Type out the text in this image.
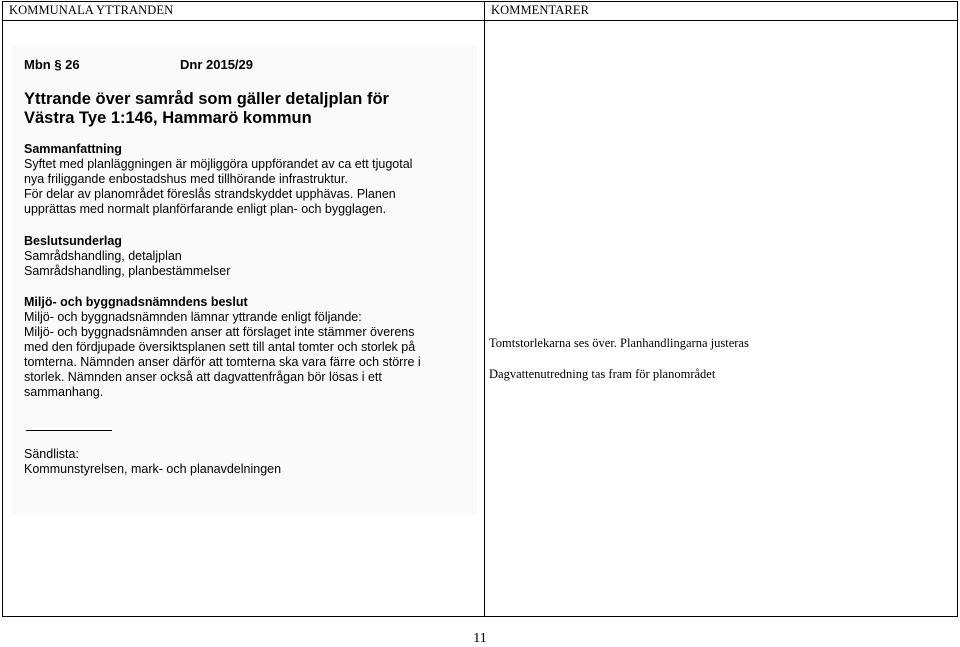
KOMMUNALA YTTRANDEN	KOMMENTARER
Mbn § 26	Dnr 2015/29
Yttrande över samråd som gäller detaljplan för
Västra Tye 1:146, Hammarö kommun
Sammanfattning
Syftet med planläggningen är möjliggöra uppförandet av ca ett tjugotal
nya friliggande enbostadshus med tillhörande infrastruktur.
För delar av planområdet föreslås strandskyddet upphävas. Planen
upprättas med normalt planförfarande enligt plan- och bygglagen.
Beslutsunderlag
Samrådshandling, detaljplan
Samrådshandling, planbestämmelser
Miljö- och byggnadsnämndens beslut
Miljö- och byggnadsnämnden lämnar yttrande enligt följande:
Miljö- och byggnadsnämnden anser att förslaget inte stämmer överens
med den fördjupade översiktsplanen sett till antal tomter och storlek på
tomterna. Nämnden anser därför att tomterna ska vara färre och större i
storlek. Nämnden anser också att dagvattenfrågan bör lösas i ett
sammanhang.
Sändlista:
Kommunstyrelsen, mark- och planavdelningen
Tomtstorlekarna ses över. Planhandlingarna justeras
Dagvattenutredning tas fram för planområdet
11
